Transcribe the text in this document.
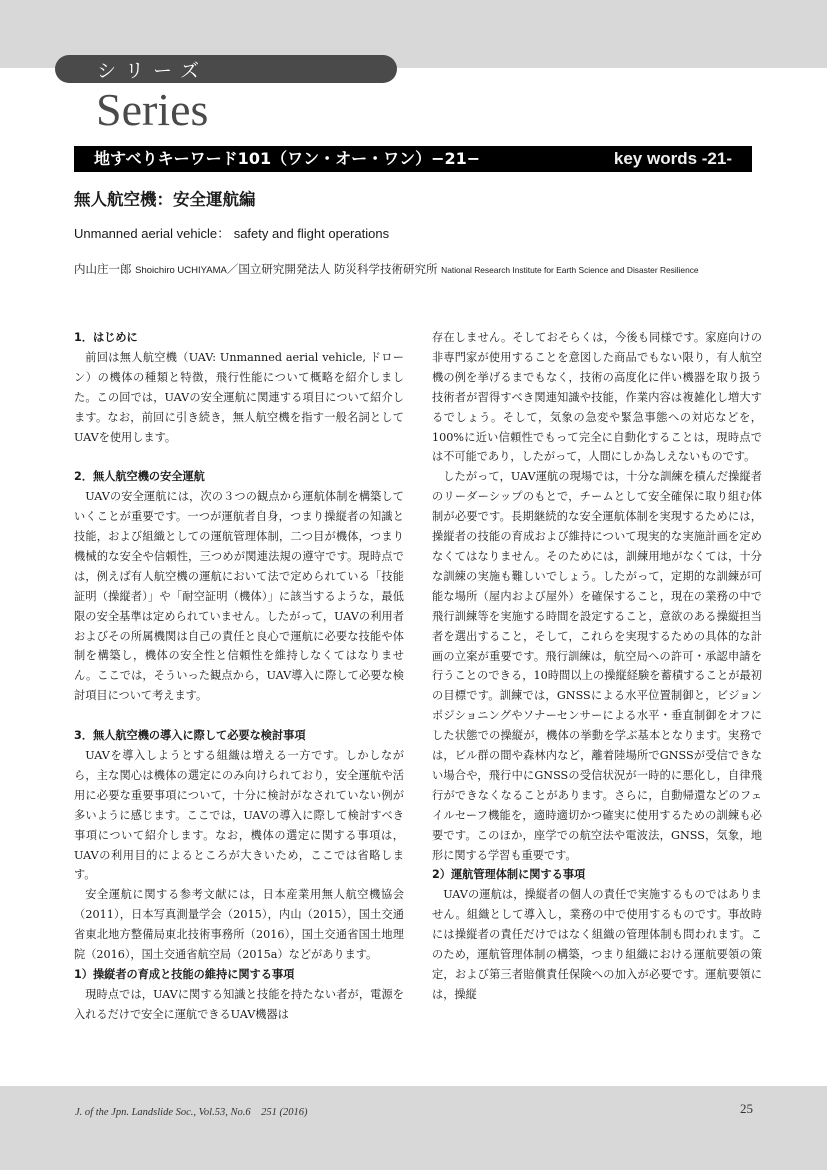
シリーズ
Series
地すべりキーワード101（ワン・オー・ワン）−21−	key words -21-
無人航空機：安全運航編
Unmanned aerial vehicle： safety and flight operations
内山庄一郎 Shoichiro UCHIYAMA／国立研究開発法人 防災科学技術研究所 National Research Institute for Earth Science and Disaster Resilience
1．はじめに

前回は無人航空機（UAV: Unmanned aerial vehicle, ドローン）の機体の種類と特徴，飛行性能について概略を紹介しました。この回では，UAVの安全運航に関連する項目について紹介します。なお，前回に引き続き，無人航空機を指す一般名詞としてUAVを使用します。

2．無人航空機の安全運航

UAVの安全運航には，次の３つの観点から運航体制を構築していくことが重要です。一つが運航者自身，つまり操縦者の知識と技能，および組織としての運航管理体制，二つ目が機体，つまり機械的な安全や信頼性，三つめが関連法規の遵守です。現時点では，例えば有人航空機の運航において法で定められている「技能証明（操縦者）」や「耐空証明（機体）」に該当するような，最低限の安全基準は定められていません。したがって，UAVの利用者およびその所属機関は自己の責任と良心で運航に必要な技能や体制を構築し，機体の安全性と信頼性を維持しなくてはなりません。ここでは，そういった観点から，UAV導入に際して必要な検討項目について考えます。

3．無人航空機の導入に際して必要な検討事項

UAVを導入しようとする組織は増える一方です。しかしながら，主な関心は機体の選定にのみ向けられており，安全運航や活用に必要な重要事項について，十分に検討がなされていない例が多いように感じます。ここでは，UAVの導入に際して検討すべき事項について紹介します。なお，機体の選定に関する事項は，UAVの利用目的によるところが大きいため，ここでは省略します。

安全運航に関する参考文献には，日本産業用無人航空機協会（2011），日本写真測量学会（2015），内山（2015），国土交通省東北地方整備局東北技術事務所（2016），国土交通省国土地理院（2016），国土交通省航空局（2015a）などがあります。

1）操縦者の育成と技能の維持に関する事項

現時点では，UAVに関する知識と技能を持たない者が，電源を入れるだけで安全に運航できるUAV機器は

存在しません。そしておそらくは，今後も同様です。家庭向けの非専門家が使用することを意図した商品でもない限り，有人航空機の例を挙げるまでもなく，技術の高度化に伴い機器を取り扱う技術者が習得すべき関連知識や技能，作業内容は複雑化し増大するでしょう。そして，気象の急変や緊急事態への対応などを，100%に近い信頼性でもって完全に自動化することは，現時点では不可能であり，したがって，人間にしか為しえないものです。

したがって，UAV運航の現場では，十分な訓練を積んだ操縦者のリーダーシップのもとで，チームとして安全確保に取り組む体制が必要です。長期継続的な安全運航体制を実現するためには，操縦者の技能の育成および維持について現実的な実施計画を定めなくてはなりません。そのためには，訓練用地がなくては，十分な訓練の実施も難しいでしょう。したがって，定期的な訓練が可能な場所（屋内および屋外）を確保すること，現在の業務の中で飛行訓練等を実施する時間を設定すること，意欲のある操縦担当者を選出すること，そして，これらを実現するための具体的な計画の立案が重要です。飛行訓練は，航空局への許可・承認申請を行うことのできる，10時間以上の操縦経験を蓄積することが最初の目標です。訓練では，GNSSによる水平位置制御と，ビジョンポジショニングやソナーセンサーによる水平・垂直制御をオフにした状態での操縦が，機体の挙動を学ぶ基本となります。実務では，ビル群の間や森林内など，離着陸場所でGNSSが受信できない場合や，飛行中にGNSSの受信状況が一時的に悪化し，自律飛行ができなくなることがあります。さらに，自動帰還などのフェイルセーフ機能を，適時適切かつ確実に使用するための訓練も必要です。このほか，座学での航空法や電波法，GNSS，気象，地形に関する学習も重要です。

2）運航管理体制に関する事項

UAVの運航は，操縦者の個人の責任で実施するものではありません。組織として導入し，業務の中で使用するものです。事故時には操縦者の責任だけではなく組織の管理体制も問われます。このため，運航管理体制の構築，つまり組織における運航要領の策定，および第三者賠償責任保険への加入が必要です。運航要領には，操縦

J. of the Jpn. Landslide Soc., Vol.53, No.6　251 (2016)	25
